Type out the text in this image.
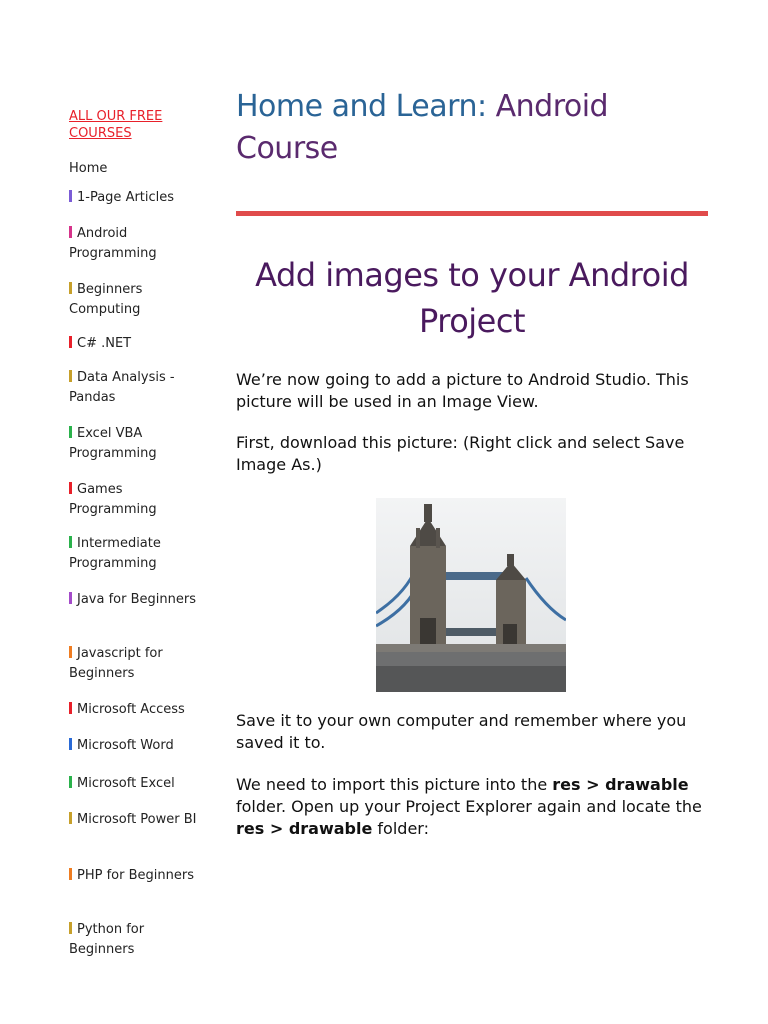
ALL OUR FREE COURSES
Home
1-Page Articles
Android Programming
Beginners Computing
C# .NET
Data Analysis - Pandas
Excel VBA Programming
Games Programming
Intermediate Programming
Java for Beginners
Javascript for Beginners
Microsoft Access
Microsoft Word
Microsoft Excel
Microsoft Power BI
PHP for Beginners
Python for Beginners
Home and Learn: Android Course
Add images to your Android Project

We’re now going to add a picture to Android Studio. This picture will be used in an Image View.

First, download this picture: (Right click and select Save Image As.)

Save it to your own computer and remember where you saved it to.

We need to import this picture into the res > drawable folder. Open up your Project Explorer again and locate the res > drawable folder:
